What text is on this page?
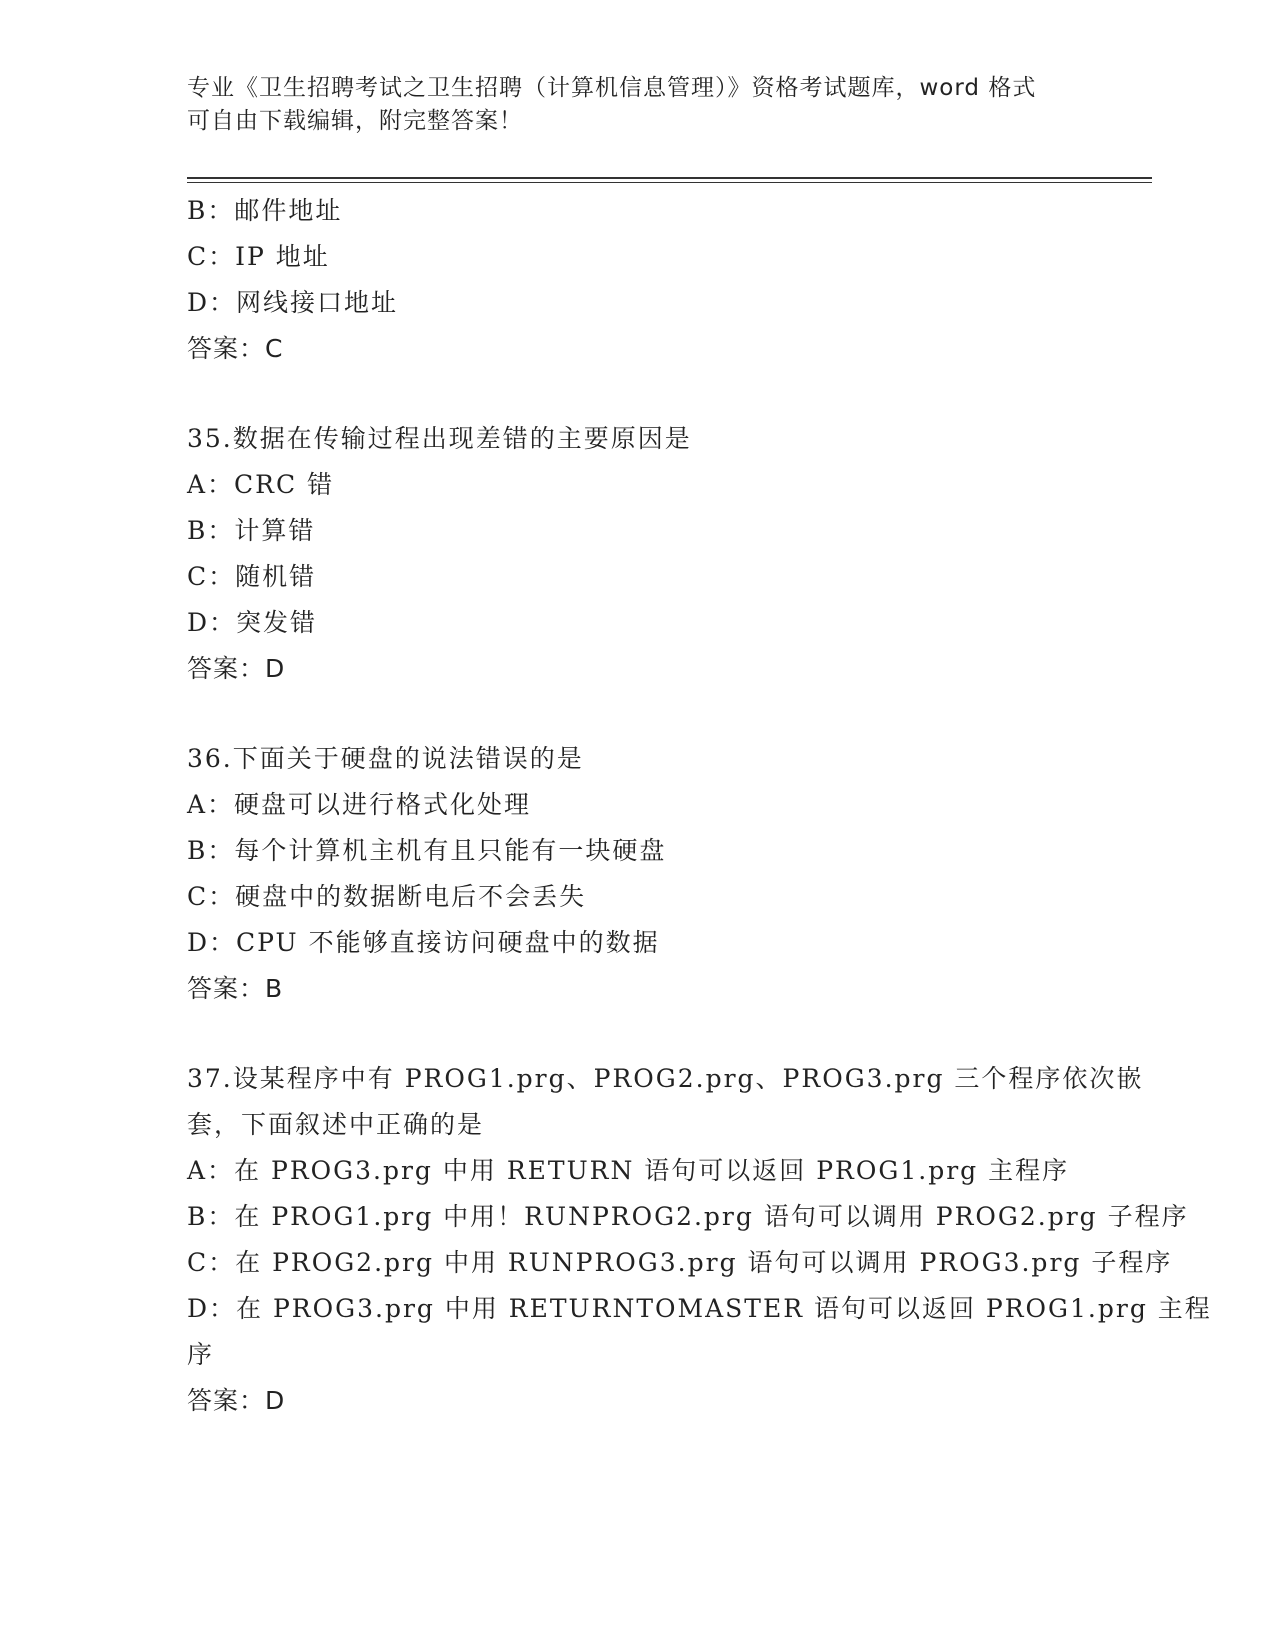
专业《卫生招聘考试之卫生招聘（计算机信息管理）》资格考试题库，word 格式
可自由下载编辑，附完整答案！
B：邮件地址
C：IP 地址
D：网线接口地址
答案：C
35.数据在传输过程出现差错的主要原因是
A：CRC 错
B：计算错
C：随机错
D：突发错
答案：D
36.下面关于硬盘的说法错误的是
A：硬盘可以进行格式化处理
B：每个计算机主机有且只能有一块硬盘
C：硬盘中的数据断电后不会丢失
D：CPU 不能够直接访问硬盘中的数据
答案：B
37.设某程序中有 PROG1.prg、PROG2.prg、PROG3.prg 三个程序依次嵌
套，下面叙述中正确的是
A：在 PROG3.prg 中用 RETURN 语句可以返回 PROG1.prg 主程序
B：在 PROG1.prg 中用！RUNPROG2.prg 语句可以调用 PROG2.prg 子程序
C：在 PROG2.prg 中用 RUNPROG3.prg 语句可以调用 PROG3.prg 子程序
D：在 PROG3.prg 中用 RETURNTOMASTER 语句可以返回 PROG1.prg 主程
序
答案：D
